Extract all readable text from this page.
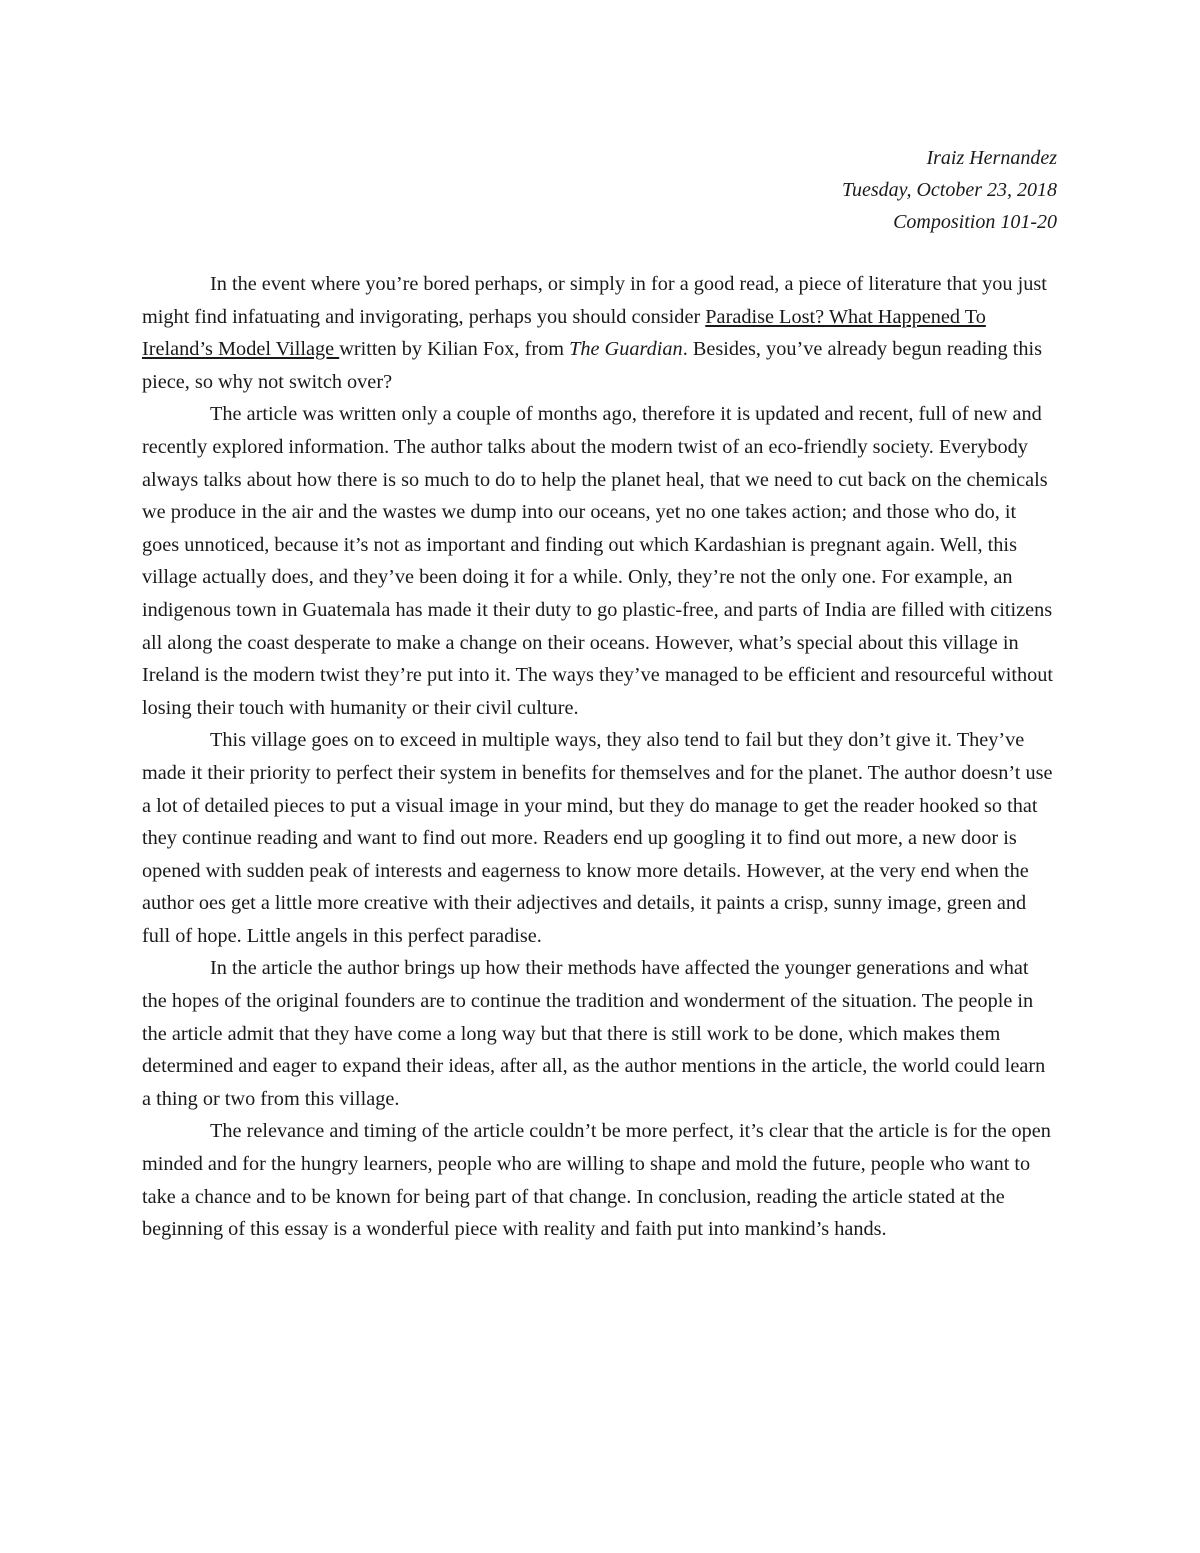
Iraiz Hernandez
Tuesday, October 23, 2018
Composition 101-20

In the event where you’re bored perhaps, or simply in for a good read, a piece of literature that you just might find infatuating and invigorating, perhaps you should consider Paradise Lost? What Happened To Ireland’s Model Village written by Kilian Fox, from The Guardian. Besides, you’ve already begun reading this piece, so why not switch over?

The article was written only a couple of months ago, therefore it is updated and recent, full of new and recently explored information. The author talks about the modern twist of an eco-friendly society. Everybody always talks about how there is so much to do to help the planet heal, that we need to cut back on the chemicals we produce in the air and the wastes we dump into our oceans, yet no one takes action; and those who do, it goes unnoticed, because it’s not as important and finding out which Kardashian is pregnant again. Well, this village actually does, and they’ve been doing it for a while. Only, they’re not the only one. For example, an indigenous town in Guatemala has made it their duty to go plastic-free, and parts of India are filled with citizens all along the coast desperate to make a change on their oceans. However, what’s special about this village in Ireland is the modern twist they’re put into it. The ways they’ve managed to be efficient and resourceful without losing their touch with humanity or their civil culture.

This village goes on to exceed in multiple ways, they also tend to fail but they don’t give it. They’ve made it their priority to perfect their system in benefits for themselves and for the planet. The author doesn’t use a lot of detailed pieces to put a visual image in your mind, but they do manage to get the reader hooked so that they continue reading and want to find out more. Readers end up googling it to find out more, a new door is opened with sudden peak of interests and eagerness to know more details. However, at the very end when the author oes get a little more creative with their adjectives and details, it paints a crisp, sunny image, green and full of hope. Little angels in this perfect paradise.

In the article the author brings up how their methods have affected the younger generations and what the hopes of the original founders are to continue the tradition and wonderment of the situation. The people in the article admit that they have come a long way but that there is still work to be done, which makes them determined and eager to expand their ideas, after all, as the author mentions in the article, the world could learn a thing or two from this village.

The relevance and timing of the article couldn’t be more perfect, it’s clear that the article is for the open minded and for the hungry learners, people who are willing to shape and mold the future, people who want to take a chance and to be known for being part of that change. In conclusion, reading the article stated at the beginning of this essay is a wonderful piece with reality and faith put into mankind’s hands.
